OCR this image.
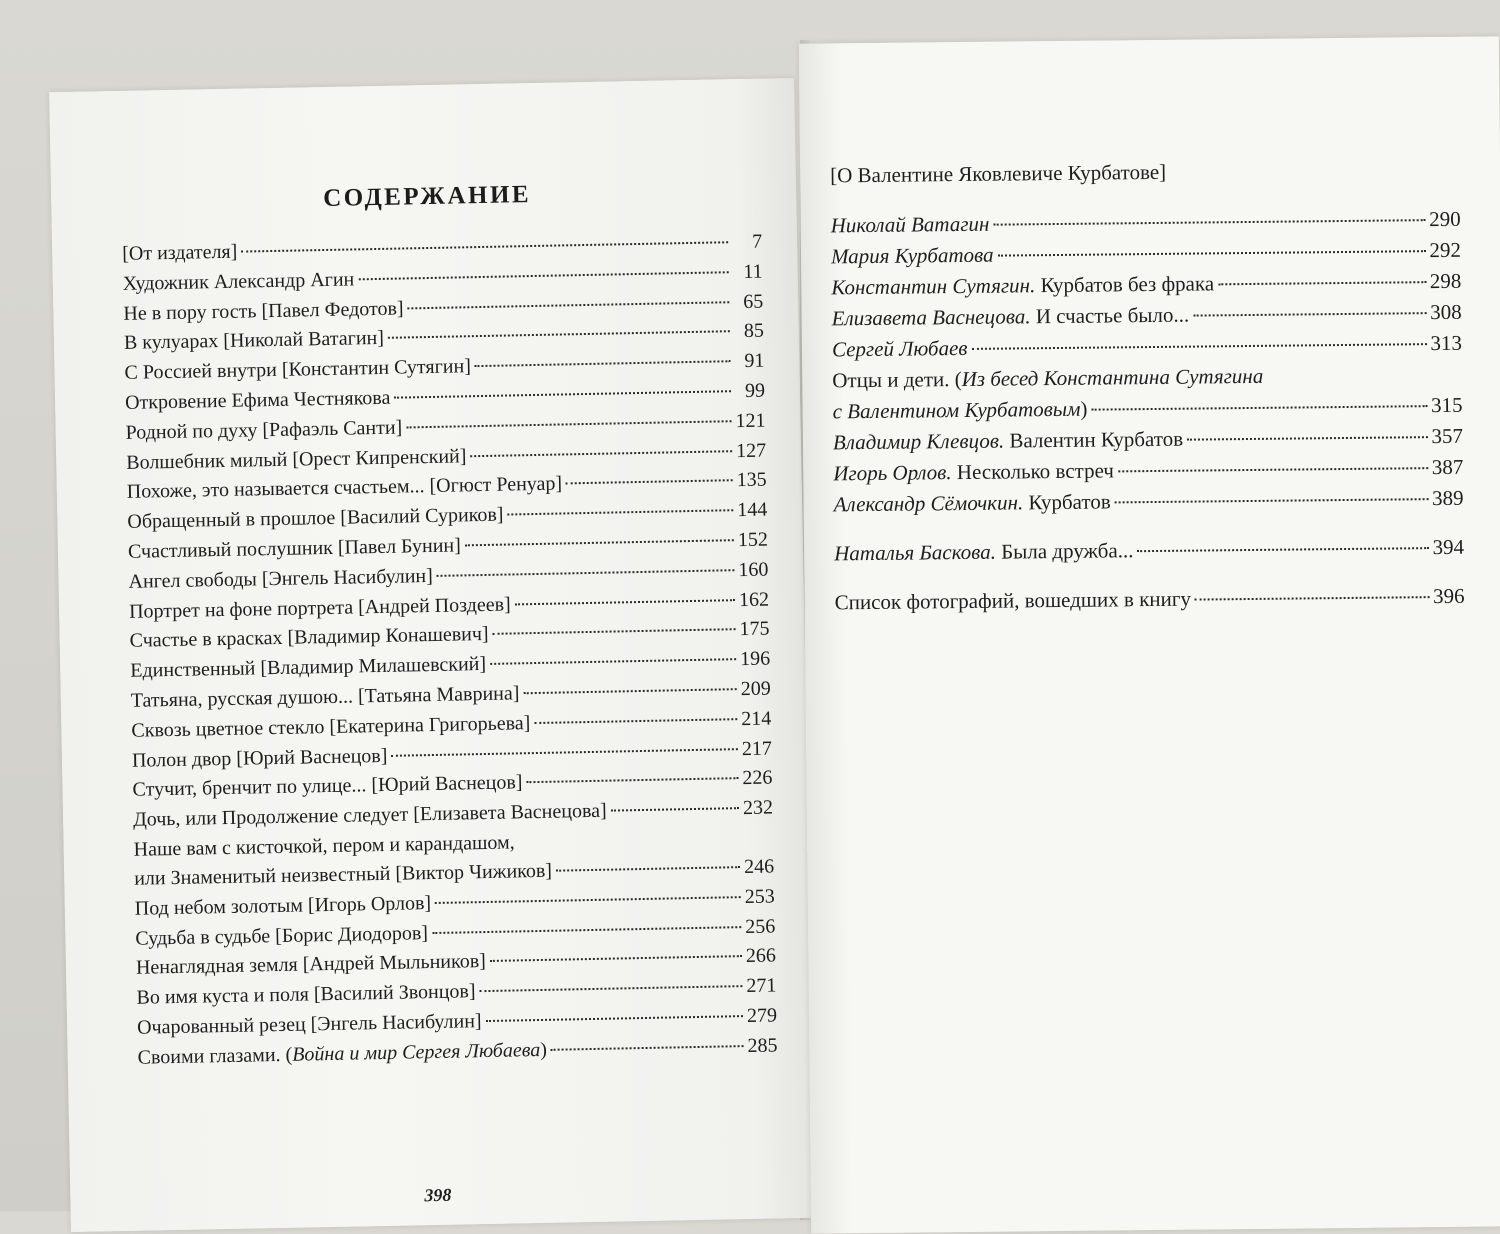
СОДЕРЖАНИЕ
[От издателя]	7
Художник Александр Агин	11
Не в пору гость [Павел Федотов]	65
В кулуарах [Николай Ватагин]	85
С Россией внутри [Константин Сутягин]	91
Откровение Ефима Честнякова	99
Родной по духу [Рафаэль Санти]	121
Волшебник милый [Орест Кипренский]	127
Похоже, это называется счастьем... [Огюст Ренуар]	135
Обращенный в прошлое [Василий Суриков]	144
Счастливый послушник [Павел Бунин]	152
Ангел свободы [Энгель Насибулин]	160
Портрет на фоне портрета [Андрей Поздеев]	162
Счастье в красках [Владимир Конашевич]	175
Единственный [Владимир Милашевский]	196
Татьяна, русская душою... [Татьяна Маврина]	209
Сквозь цветное стекло [Екатерина Григорьева]	214
Полон двор [Юрий Васнецов]	217
Стучит, бренчит по улице... [Юрий Васнецов]	226
Дочь, или Продолжение следует [Елизавета Васнецова]	232
Наше вам с кисточкой, пером и карандашом,
или Знаменитый неизвестный [Виктор Чижиков]	246
Под небом золотым [Игорь Орлов]	253
Судьба в судьбе [Борис Диодоров]	256
Ненаглядная земля [Андрей Мыльников]	266
Во имя куста и поля [Василий Звонцов]	271
Очарованный резец [Энгель Насибулин]	279
Своими глазами. (Война и мир Сергея Любаева)	285
398
[О Валентине Яковлевиче Курбатове]
Николай Ватагин	290
Мария Курбатова	292
Константин Сутягин. Курбатов без фрака	298
Елизавета Васнецова. И счастье было...	308
Сергей Любаев	313
Отцы и дети. (Из бесед Константина Сутягина
с Валентином Курбатовым)	315
Владимир Клевцов. Валентин Курбатов	357
Игорь Орлов. Несколько встреч	387
Александр Сёмочкин. Курбатов	389
Наталья Баскова. Была дружба...	394
Список фотографий, вошедших в книгу	396
